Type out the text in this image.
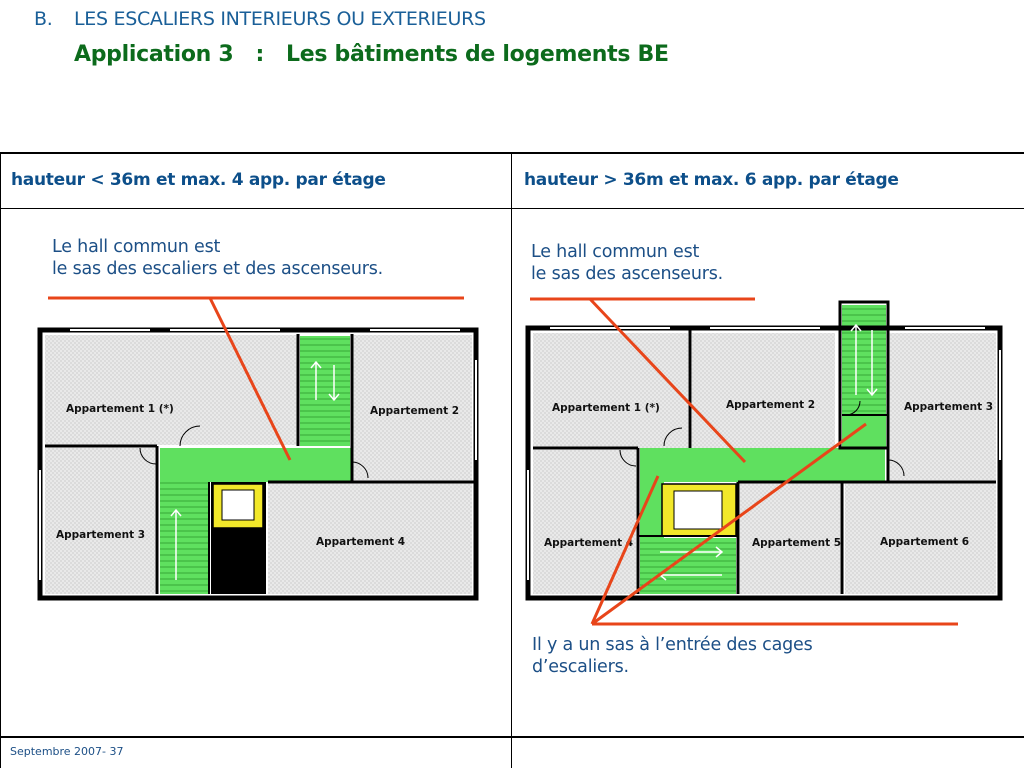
B. LES ESCALIERS INTERIEURS OU EXTERIEURS
Application 3   :   Les bâtiments de logements BE
hauteur < 36m et max. 4 app. par étage	hauteur > 36m et max. 6 app. par étage
Le hall commun est
le sas des escaliers et des ascenseurs.
Le hall commun est
le sas des ascenseurs.
Il y a un sas à l’entrée des cages
d’escaliers.
Septembre 2007- 37
Appartement 1 (*)	Appartement 2
Appartement 3
Appartement 4
Appartement 1 (*)	Appartement 2	Appartement 3
Appartement 4	Appartement 5	Appartement 6
